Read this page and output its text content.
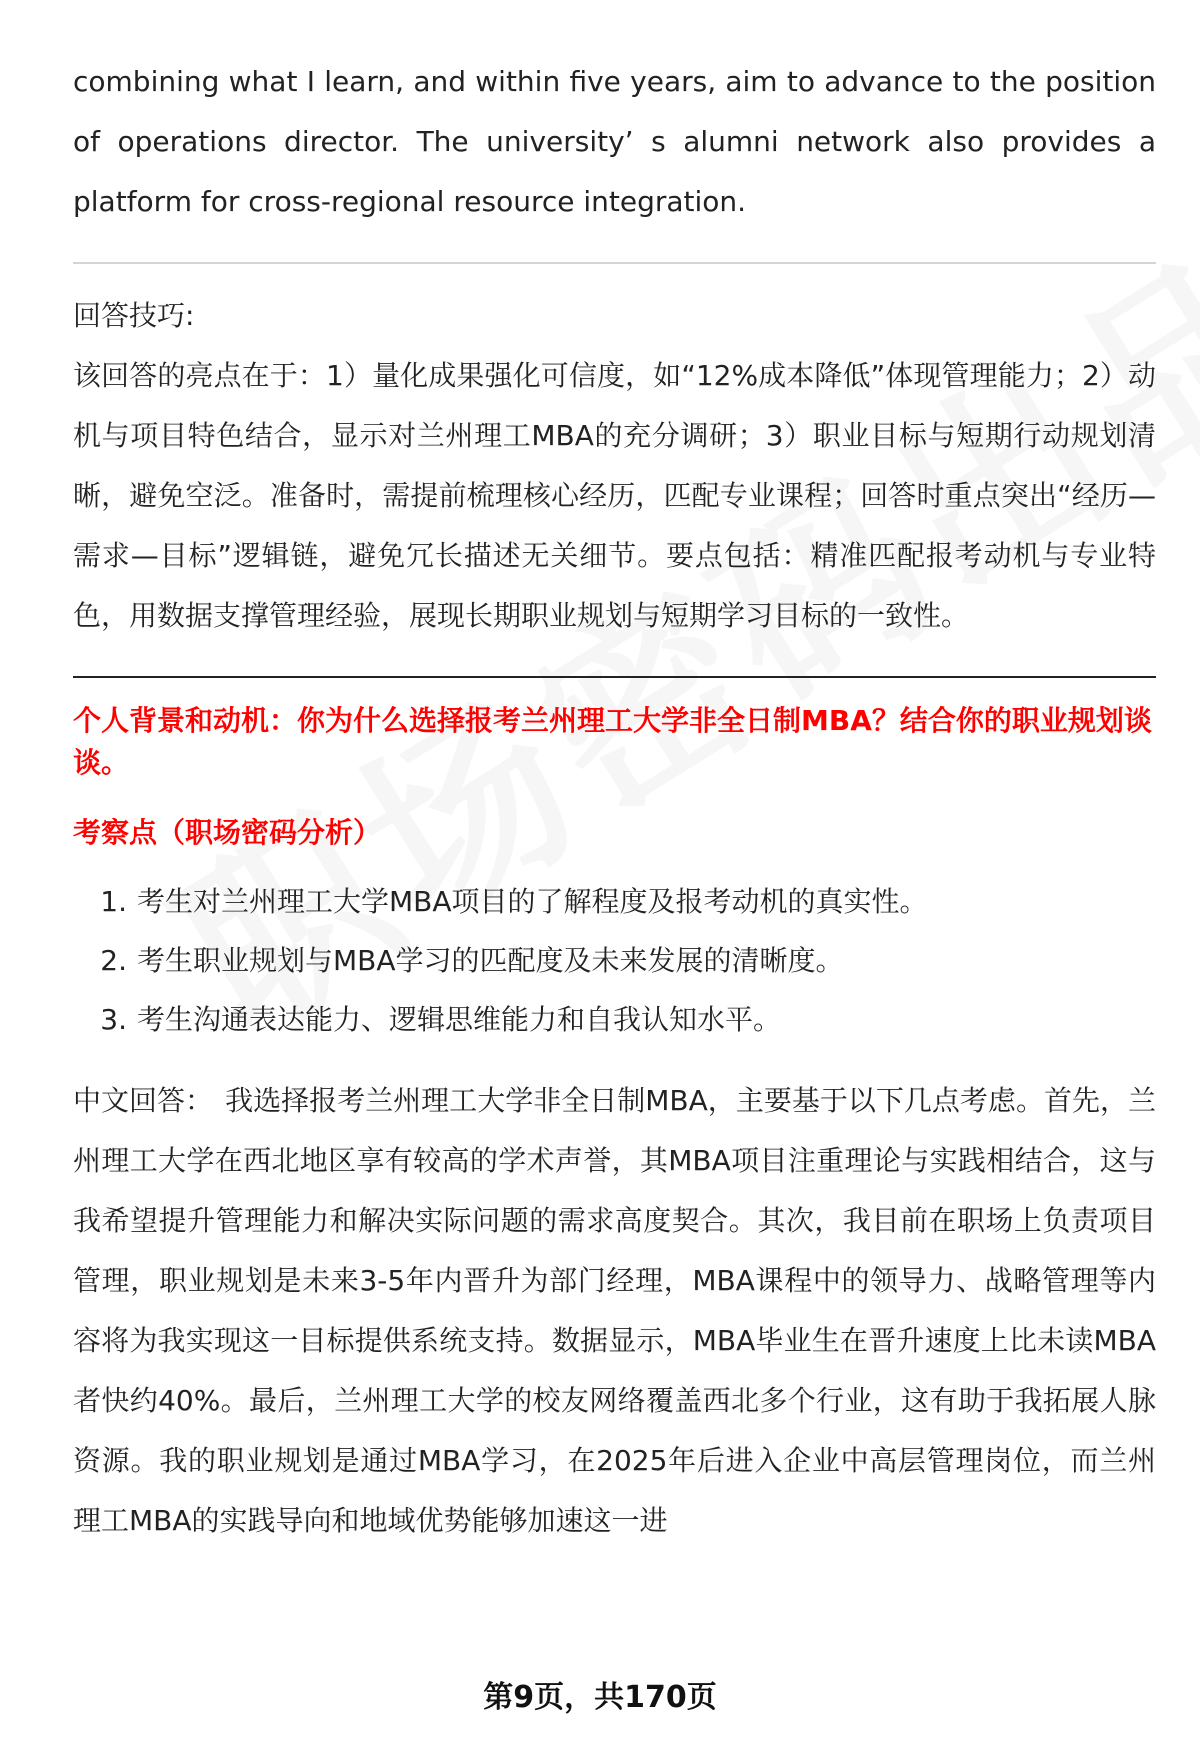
combining what I learn, and within five years, aim to advance to the position of operations director. The university’ s alumni network also provides a platform for cross-regional resource integration.

回答技巧:

该回答的亮点在于：1）量化成果强化可信度，如“12%成本降低”体现管理能力；2）动机与项目特色结合，显示对兰州理工MBA的充分调研；3）职业目标与短期行动规划清晰，避免空泛。准备时，需提前梳理核心经历，匹配专业课程；回答时重点突出“经历—需求—目标”逻辑链，避免冗长描述无关细节。要点包括：精准匹配报考动机与专业特色，用数据支撑管理经验，展现长期职业规划与短期学习目标的一致性。

个人背景和动机：你为什么选择报考兰州理工大学非全日制MBA？结合你的职业规划谈谈。

考察点（职场密码分析）

1. 考生对兰州理工大学MBA项目的了解程度及报考动机的真实性。
2. 考生职业规划与MBA学习的匹配度及未来发展的清晰度。
3. 考生沟通表达能力、逻辑思维能力和自我认知水平。

中文回答： 我选择报考兰州理工大学非全日制MBA，主要基于以下几点考虑。首先，兰州理工大学在西北地区享有较高的学术声誉，其MBA项目注重理论与实践相结合，这与我希望提升管理能力和解决实际问题的需求高度契合。其次，我目前在职场上负责项目管理，职业规划是未来3-5年内晋升为部门经理，MBA课程中的领导力、战略管理等内容将为我实现这一目标提供系统支持。数据显示，MBA毕业生在晋升速度上比未读MBA者快约40%。最后，兰州理工大学的校友网络覆盖西北多个行业，这有助于我拓展人脉资源。我的职业规划是通过MBA学习，在2025年后进入企业中高层管理岗位，而兰州理工MBA的实践导向和地域优势能够加速这一进

第9页，共170页
